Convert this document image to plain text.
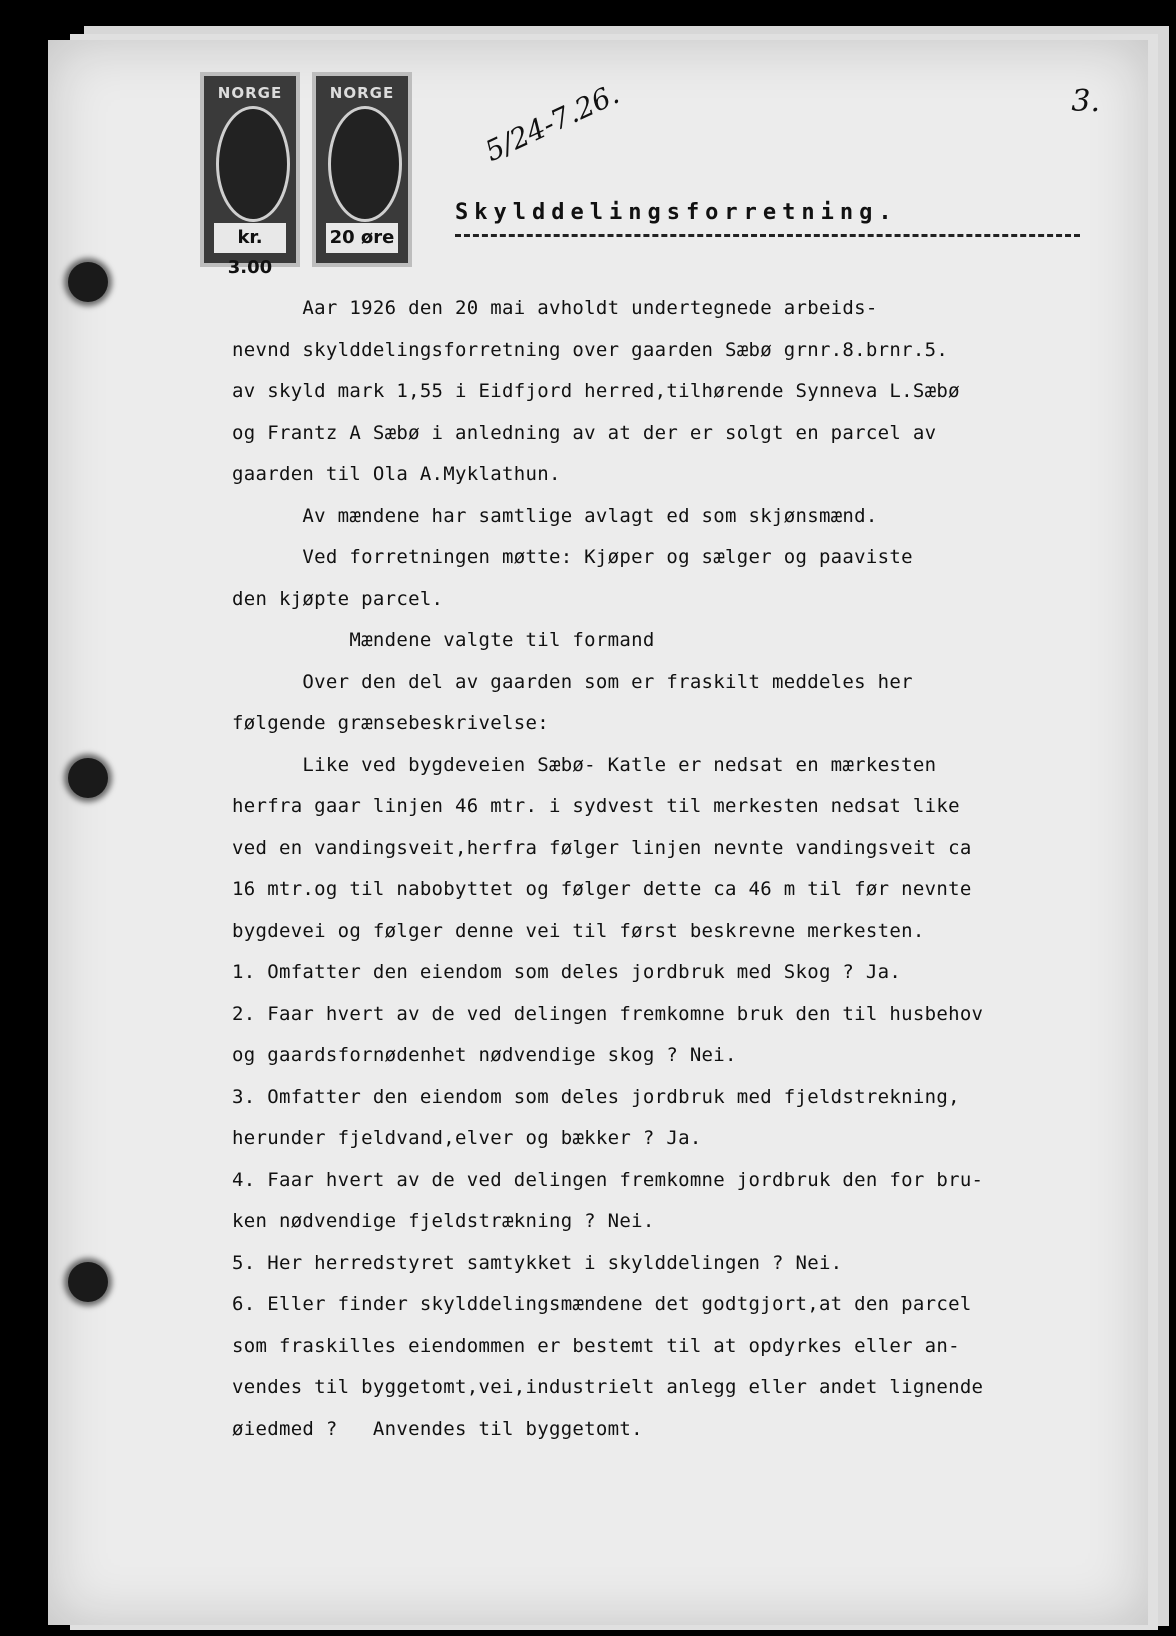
3.
NORGE
kr. 3.00
NORGE
20 øre
5/24-7.26.
Skylddelingsforretning.

Aar 1926 den 20 mai avholdt undertegnede arbeids-

nevnd skylddelingsforretning over gaarden Sæbø grnr.8.brnr.5.

av skyld mark 1,55 i Eidfjord herred,tilhørende Synneva L.Sæbø

og Frantz A Sæbø i anledning av at der er solgt en parcel av

gaarden til Ola A.Myklathun.

Av mændene har samtlige avlagt ed som skjønsmænd.

Ved forretningen møtte: Kjøper og sælger og paaviste

den kjøpte parcel.

Mændene valgte til formand

Over den del av gaarden som er fraskilt meddeles her

følgende grænsebeskrivelse:

Like ved bygdeveien Sæbø- Katle er nedsat en mærkesten

herfra gaar linjen 46 mtr. i sydvest til merkesten nedsat like

ved en vandingsveit,herfra følger linjen nevnte vandingsveit ca

16 mtr.og til nabobyttet og følger dette ca 46 m til før nevnte

bygdevei og følger denne vei til først beskrevne merkesten.

1. Omfatter den eiendom som deles jordbruk med Skog ? Ja.

2. Faar hvert av de ved delingen fremkomne bruk den til husbehov

og gaardsfornødenhet nødvendige skog ? Nei.

3. Omfatter den eiendom som deles jordbruk med fjeldstrekning,

herunder fjeldvand,elver og bækker ? Ja.

4. Faar hvert av de ved delingen fremkomne jordbruk den for bru-

ken nødvendige fjeldstrækning ? Nei.

5. Her herredstyret samtykket i skylddelingen ? Nei.

6. Eller finder skylddelingsmændene det godtgjort,at den parcel

som fraskilles eiendommen er bestemt til at opdyrkes eller an-

vendes til byggetomt,vei,industrielt anlegg eller andet lignende

øiedmed ?   Anvendes til byggetomt.
